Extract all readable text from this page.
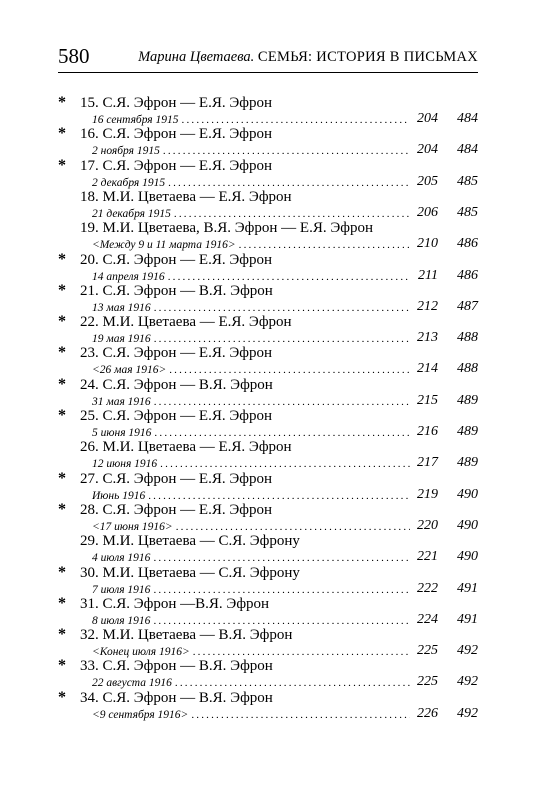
580	Марина Цветаева. СЕМЬЯ: ИСТОРИЯ В ПИСЬМАХ
* 15. С.Я. Эфрон — Е.Я. Эфрон
16 сентября 1915 .....	204	484
* 16. С.Я. Эфрон — Е.Я. Эфрон
2 ноября 1915 .....	204	484
* 17. С.Я. Эфрон — Е.Я. Эфрон
2 декабря 1915 .....	205	485
18. М.И. Цветаева — Е.Я. Эфрон
21 декабря 1915 .....	206	485
19. М.И. Цветаева, В.Я. Эфрон — Е.Я. Эфрон
<Между 9 и 11 марта 1916> .....	210	486
* 20. С.Я. Эфрон — Е.Я. Эфрон
14 апреля 1916 .....	211	486
* 21. С.Я. Эфрон — В.Я. Эфрон
13 мая 1916 .....	212	487
* 22. М.И. Цветаева — Е.Я. Эфрон
19 мая 1916 .....	213	488
* 23. С.Я. Эфрон — Е.Я. Эфрон
<26 мая 1916> .....	214	488
* 24. С.Я. Эфрон — В.Я. Эфрон
31 мая 1916 .....	215	489
* 25. С.Я. Эфрон — Е.Я. Эфрон
5 июня 1916 .....	216	489
26. М.И. Цветаева — Е.Я. Эфрон
12 июня 1916 .....	217	489
* 27. С.Я. Эфрон — Е.Я. Эфрон
Июнь 1916 .....	219	490
* 28. С.Я. Эфрон — Е.Я. Эфрон
<17 июня 1916> .....	220	490
29. М.И. Цветаева — С.Я. Эфрону
4 июля 1916 .....	221	490
* 30. М.И. Цветаева — С.Я. Эфрону
7 июля 1916 .....	222	491
* 31. С.Я. Эфрон —В.Я. Эфрон
8 июля 1916 .....	224	491
* 32. М.И. Цветаева — В.Я. Эфрон
<Конец июля 1916> .....	225	492
* 33. С.Я. Эфрон — В.Я. Эфрон
22 августа 1916 .....	225	492
* 34. С.Я. Эфрон — В.Я. Эфрон
<9 сентября 1916> .....	226	492
